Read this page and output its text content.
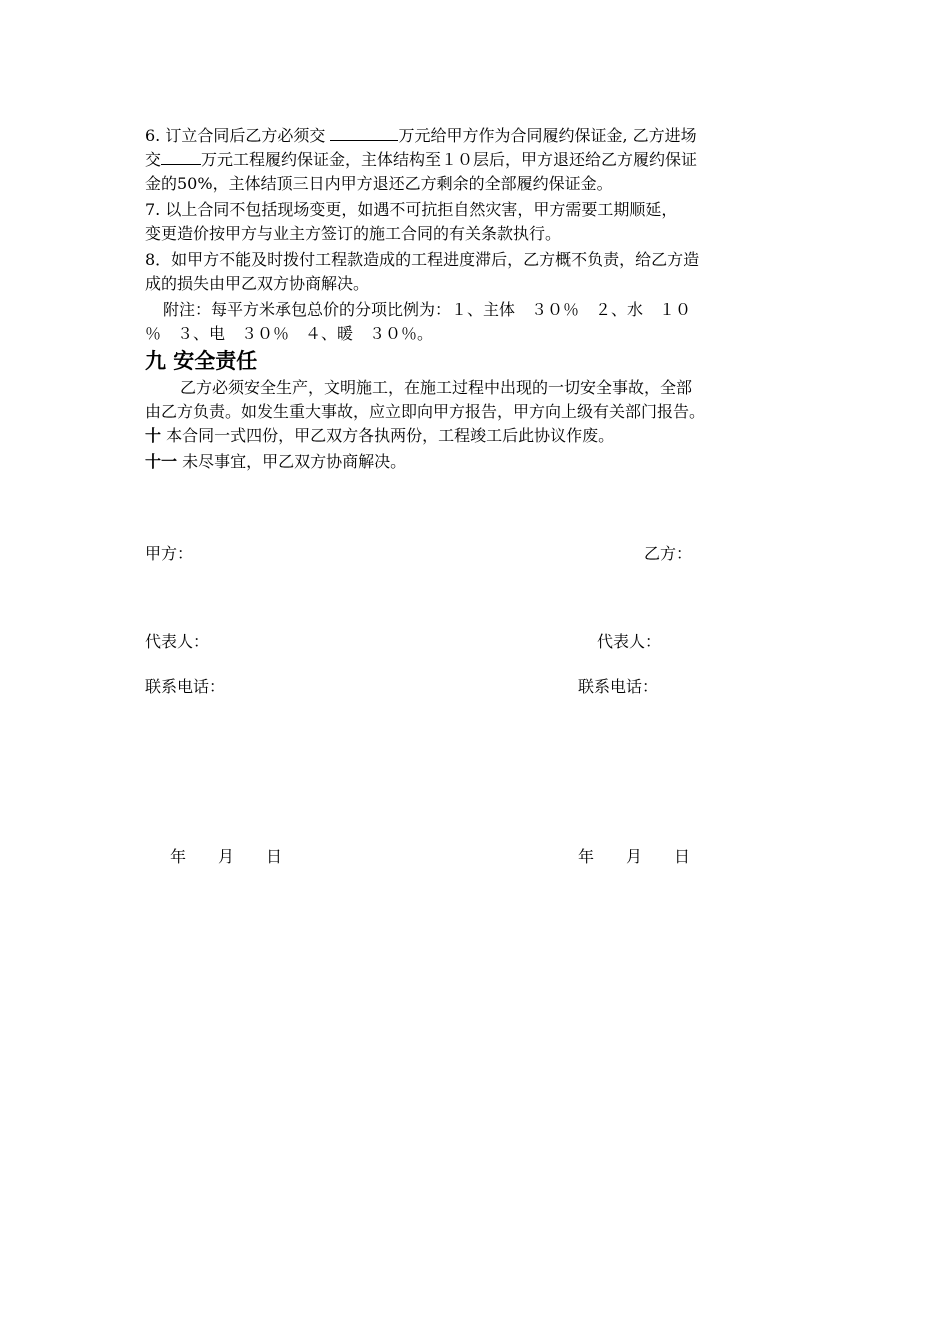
6. 订立合同后乙方必须交	万元给甲方作为合同履约保证金, 乙方进场
交	万元工程履约保证金，主体结构至１０层后，甲方退还给乙方履约保证
金的50%，主体结顶三日内甲方退还乙方剩余的全部履约保证金。
7. 以上合同不包括现场变更，如遇不可抗拒自然灾害，甲方需要工期顺延，
变更造价按甲方与业主方签订的施工合同的有关条款执行。
8．如甲方不能及时拨付工程款造成的工程进度滞后，乙方概不负责，给乙方造
成的损失由甲乙双方协商解决。
附注：每平方米承包总价的分项比例为：１、主体　３０％　２、水　１０
％　３、电　３０％　４、暖　３０％。
九 安全责任
乙方必须安全生产，文明施工，在施工过程中出现的一切安全事故，全部
由乙方负责。如发生重大事故，应立即向甲方报告，甲方向上级有关部门报告。
十 本合同一式四份，甲乙双方各执两份，工程竣工后此协议作废。
十一 未尽事宜，甲乙双方协商解决。
甲方：	乙方：
代表人：	代表人：
联系电话：	联系电话：
年　　月　　日	年　　月　　日
